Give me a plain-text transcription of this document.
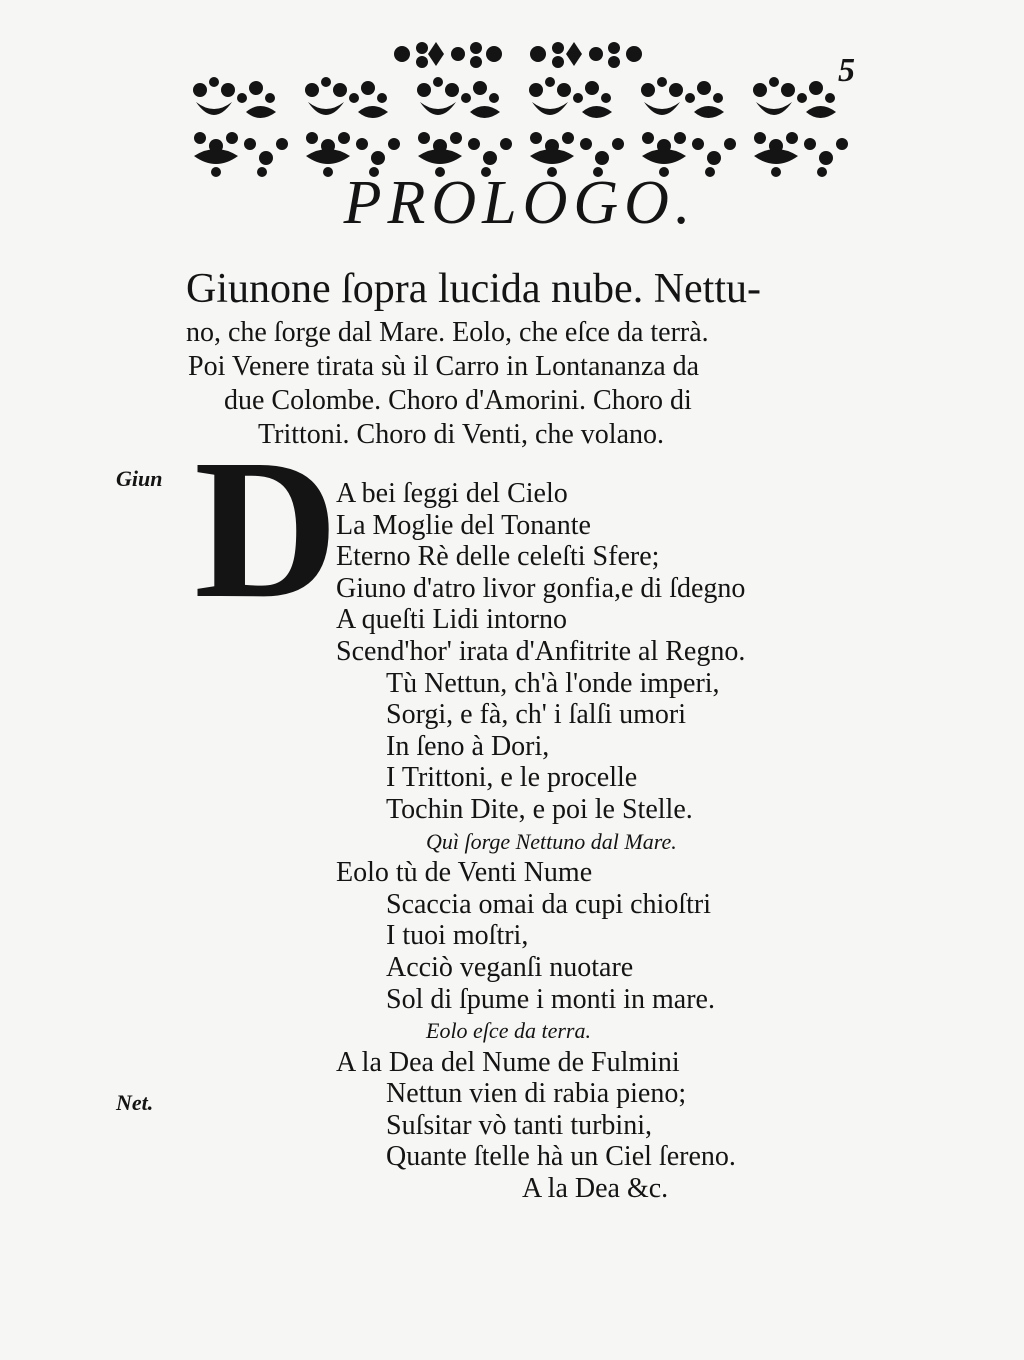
5
PROLOGO.
Giunone ſopra lucida nube. Nettu-
no, che ſorge dal Mare. Eolo, che eſce da terrà.
Poi Venere tirata sù il Carro in Lontananza da
due Colombe. Choro d'Amorini. Choro di
Trittoni. Choro di Venti, che volano.
Giun
Net.
D
A bei ſeggi del Cielo
La Moglie del Tonante
Eterno Rè delle celeſti Sfere;
Giuno d'atro livor gonfia,e di ſdegno
A queſti Lidi intorno
Scend'hor' irata d'Anfitrite al Regno.
Tù Nettun, ch'à l'onde imperi,
Sorgi, e fà, ch' i ſalſi umori
In ſeno à Dori,
I Trittoni, e le procelle
Tochin Dite, e poi le Stelle.
Quì ſorge Nettuno dal Mare.
Eolo tù de Venti Nume
Scaccia omai da cupi chioſtri
I tuoi moſtri,
Acciò veganſi nuotare
Sol di ſpume i monti in mare.
Eolo eſce da terra.
A la Dea del Nume de Fulmini
Nettun vien di rabia pieno;
Suſsitar vò tanti turbini,
Quante ſtelle hà un Ciel ſereno.
A la Dea &c.
